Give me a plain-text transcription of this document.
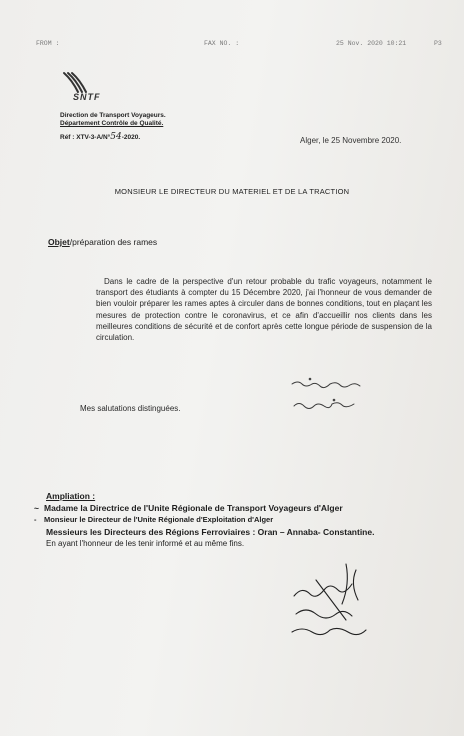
FROM :	FAX NO. :	25 Nov. 2020 10:21	P3
SNTF
Direction de Transport Voyageurs.
Département Contrôle de Qualité.
Réf : XTV-3-A/N°54-2020.	Alger, le 25 Novembre 2020.
MONSIEUR LE DIRECTEUR DU MATERIEL ET DE LA TRACTION
Objet/préparation des rames
Dans le cadre de la perspective d'un retour probable du trafic voyageurs, notamment le transport des étudiants à compter du 15 Décembre 2020, j'ai l'honneur de vous demander de bien vouloir préparer les rames aptes à circuler dans de bonnes conditions, tout en plaçant les mesures de protection contre le coronavirus, et ce afin d'accueillir nos clients dans les meilleures conditions de sécurité et de confort après cette longue période de suspension de la circulation.
Mes salutations distinguées.
Ampliation :
~ Madame la Directrice de l'Unite Régionale de Transport Voyageurs d'Alger
- Monsieur le Directeur de l'Unite Régionale d'Exploitation d'Alger
Messieurs les Directeurs des Régions Ferroviaires : Oran – Annaba- Constantine.
En ayant l'honneur de les tenir informé et au même fins.
